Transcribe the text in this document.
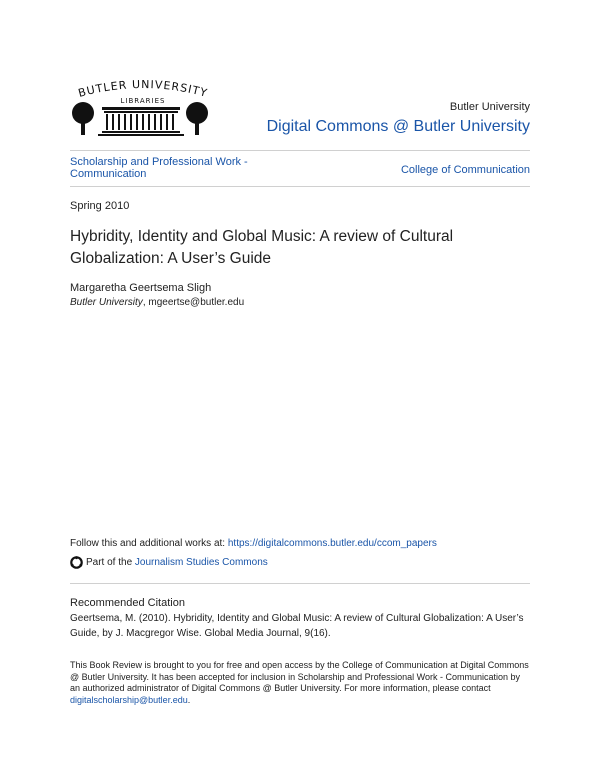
BUTLER UNIVERSITY
LIBRARIES	Butler University
Digital Commons @ Butler University
Scholarship and Professional Work - Communication	College of Communication
Spring 2010
Hybridity, Identity and Global Music: A review of Cultural Globalization: A User’s Guide
Margaretha Geertsema Sligh
Butler University, mgeertse@butler.edu
Follow this and additional works at: https://digitalcommons.butler.edu/ccom_papers
Part of the
Journalism Studies Commons
Recommended Citation
Geertsema, M. (2010). Hybridity, Identity and Global Music: A review of Cultural Globalization: A User’s Guide, by J. Macgregor Wise. Global Media Journal, 9(16).
This Book Review is brought to you for free and open access by the College of Communication at Digital Commons @ Butler University. It has been accepted for inclusion in Scholarship and Professional Work - Communication by an authorized administrator of Digital Commons @ Butler University. For more information, please contact digitalscholarship@butler.edu.
